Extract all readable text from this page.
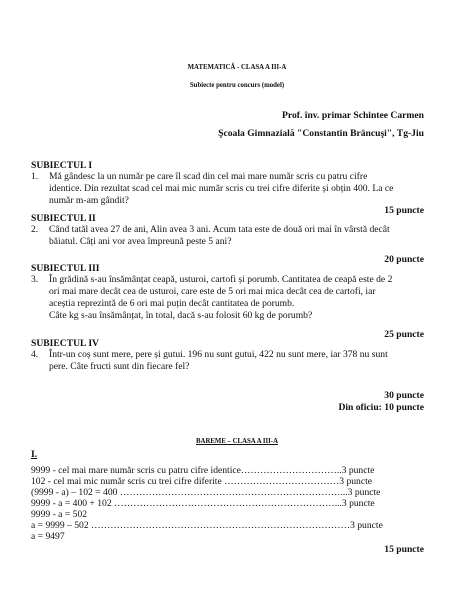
MATEMATICĂ - CLASA A III-A
Subiecte pentru concurs (model)
Prof. înv. primar Schintee Carmen
Şcoala Gimnazială "Constantin Brâncuşi", Tg-Jiu
SUBIECTUL I
1. Mă gândesc la un număr pe care îl scad din cel mai mare număr scris cu patru cifre
identice. Din rezultat scad cel mai mic număr scris cu trei cifre diferite și obțin 400. La ce
număr m-am gândit?
15 puncte
SUBIECTUL II
2. Când tatăl avea 27 de ani, Alin avea 3 ani. Acum tata este de două ori mai în vârstă decât
băiatul. Câți ani vor avea împreună peste 5 ani?
20 puncte
SUBIECTUL III
3. În grădină s-au însămânțat ceapă, usturoi, cartofi și porumb. Cantitatea de ceapă este de 2
ori mai mare decât cea de usturoi, care este de 5 ori mai mica decât cea de cartofi, iar
aceștia reprezintă de 6 ori mai puțin decât cantitatea de porumb.
Câte kg s-au însămânțat, în total, dacă s-au folosit 60 kg de porumb?
25 puncte
SUBIECTUL IV
4. Într-un coș sunt mere, pere și gutui. 196 nu sunt gutui, 422 nu sunt mere, iar 378 nu sunt
pere. Câte fructi sunt din fiecare fel?
30 puncte
Din oficiu: 10 puncte
BAREME – CLASA A III-A
I.
9999 - cel mai mare număr scris cu patru cifre identice…………………………..3 puncte
102 - cel mai mic număr scris cu trei cifre diferite ………………………………3 puncte
(9999 - a) – 102 = 400 ……………………………………………………………...3 puncte
9999 - a = 400 + 102 ……………………………………………………………...3 puncte
9999 - a = 502
a = 9999 – 502 ………………………………………………………………………3 puncte
a = 9497
15 puncte
